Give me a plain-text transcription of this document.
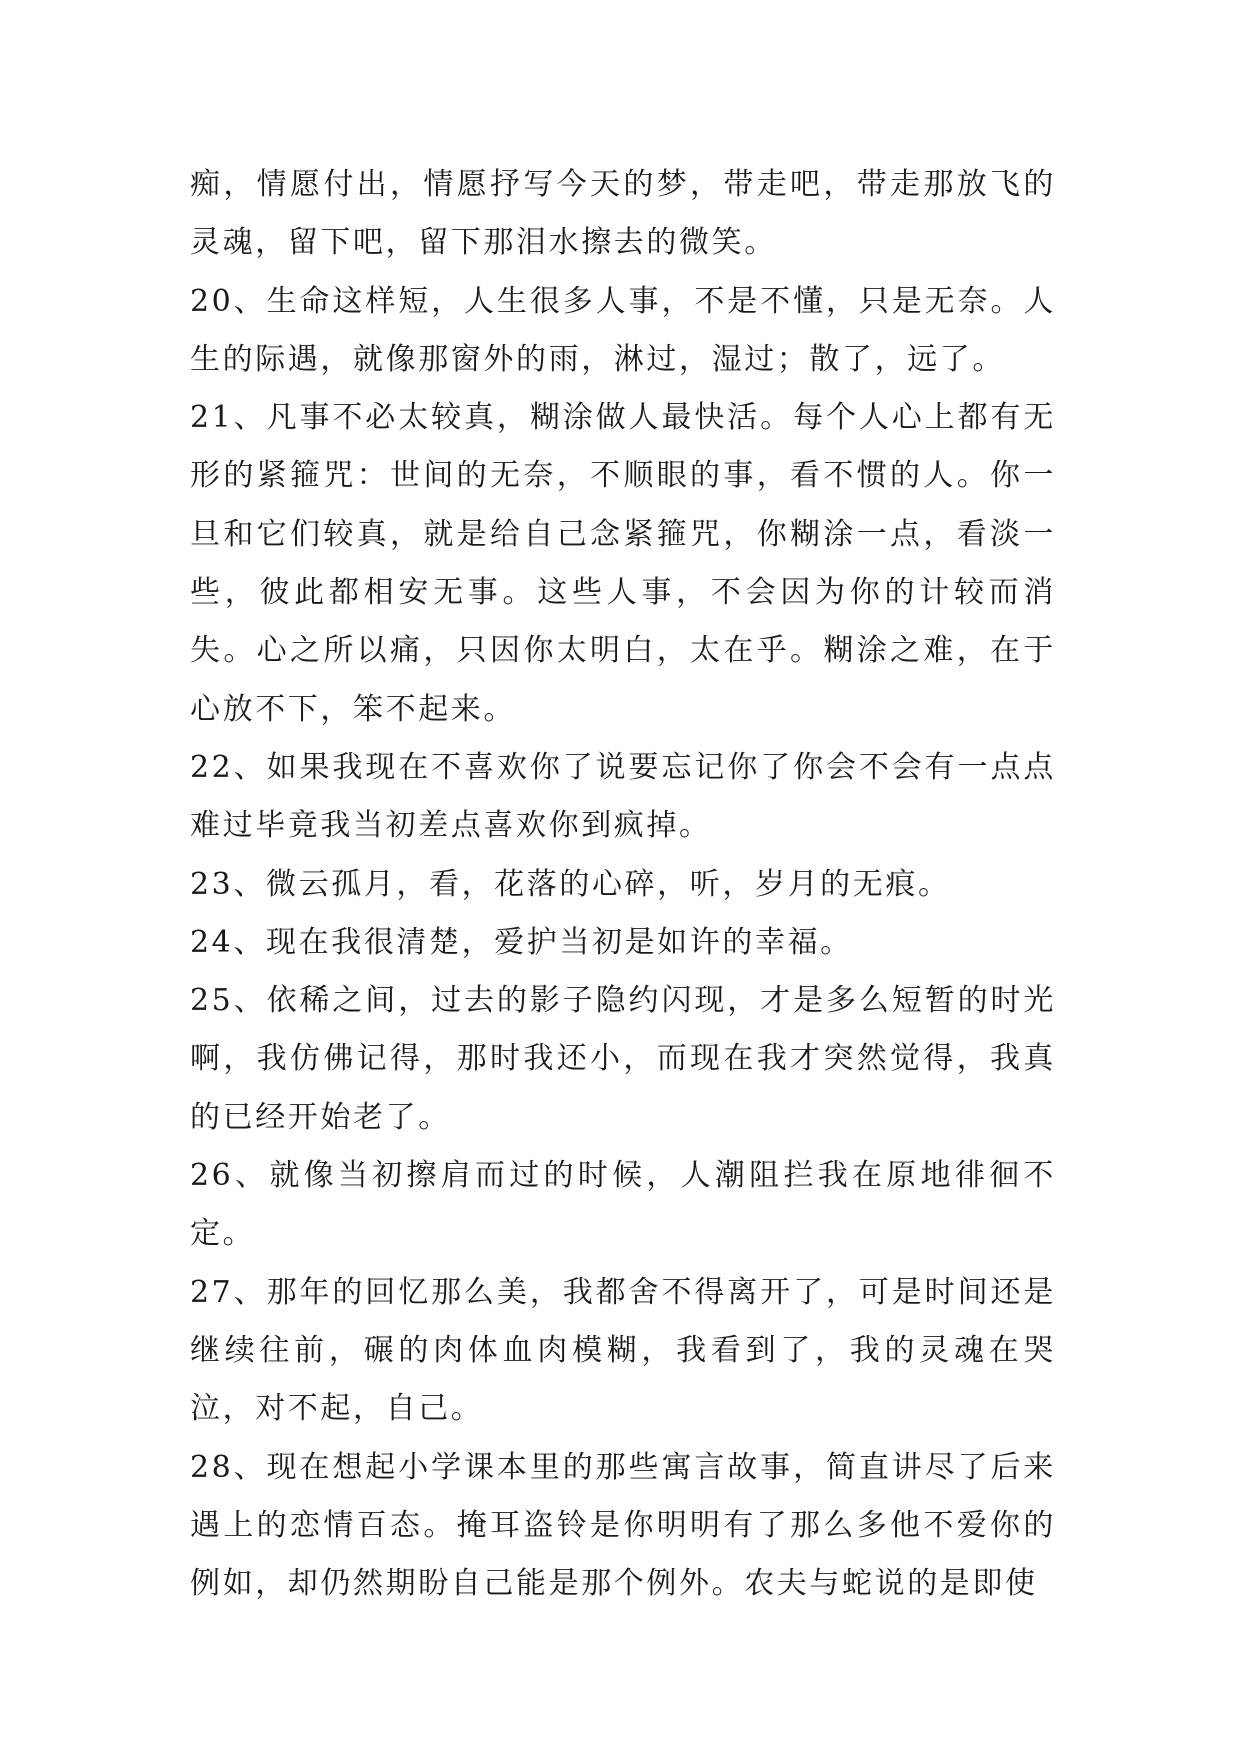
痴，情愿付出，情愿抒写今天的梦，带走吧，带走那放飞的灵魂，留下吧，留下那泪水擦去的微笑。

20、生命这样短，人生很多人事，不是不懂，只是无奈。人生的际遇，就像那窗外的雨，淋过，湿过；散了，远了。

21、凡事不必太较真，糊涂做人最快活。每个人心上都有无形的紧箍咒：世间的无奈，不顺眼的事，看不惯的人。你一旦和它们较真，就是给自己念紧箍咒，你糊涂一点，看淡一些，彼此都相安无事。这些人事，不会因为你的计较而消失。心之所以痛，只因你太明白，太在乎。糊涂之难，在于心放不下，笨不起来。

22、如果我现在不喜欢你了说要忘记你了你会不会有一点点难过毕竟我当初差点喜欢你到疯掉。

23、微云孤月，看，花落的心碎，听，岁月的无痕。

24、现在我很清楚，爱护当初是如许的幸福。

25、依稀之间，过去的影子隐约闪现，才是多么短暂的时光啊，我仿佛记得，那时我还小，而现在我才突然觉得，我真的已经开始老了。

26、就像当初擦肩而过的时候，人潮阻拦我在原地徘徊不定。

27、那年的回忆那么美，我都舍不得离开了，可是时间还是继续往前，碾的肉体血肉模糊，我看到了，我的灵魂在哭泣，对不起，自己。

28、现在想起小学课本里的那些寓言故事，简直讲尽了后来遇上的恋情百态。掩耳盗铃是你明明有了那么多他不爱你的例如，却仍然期盼自己能是那个例外。农夫与蛇说的是即使
